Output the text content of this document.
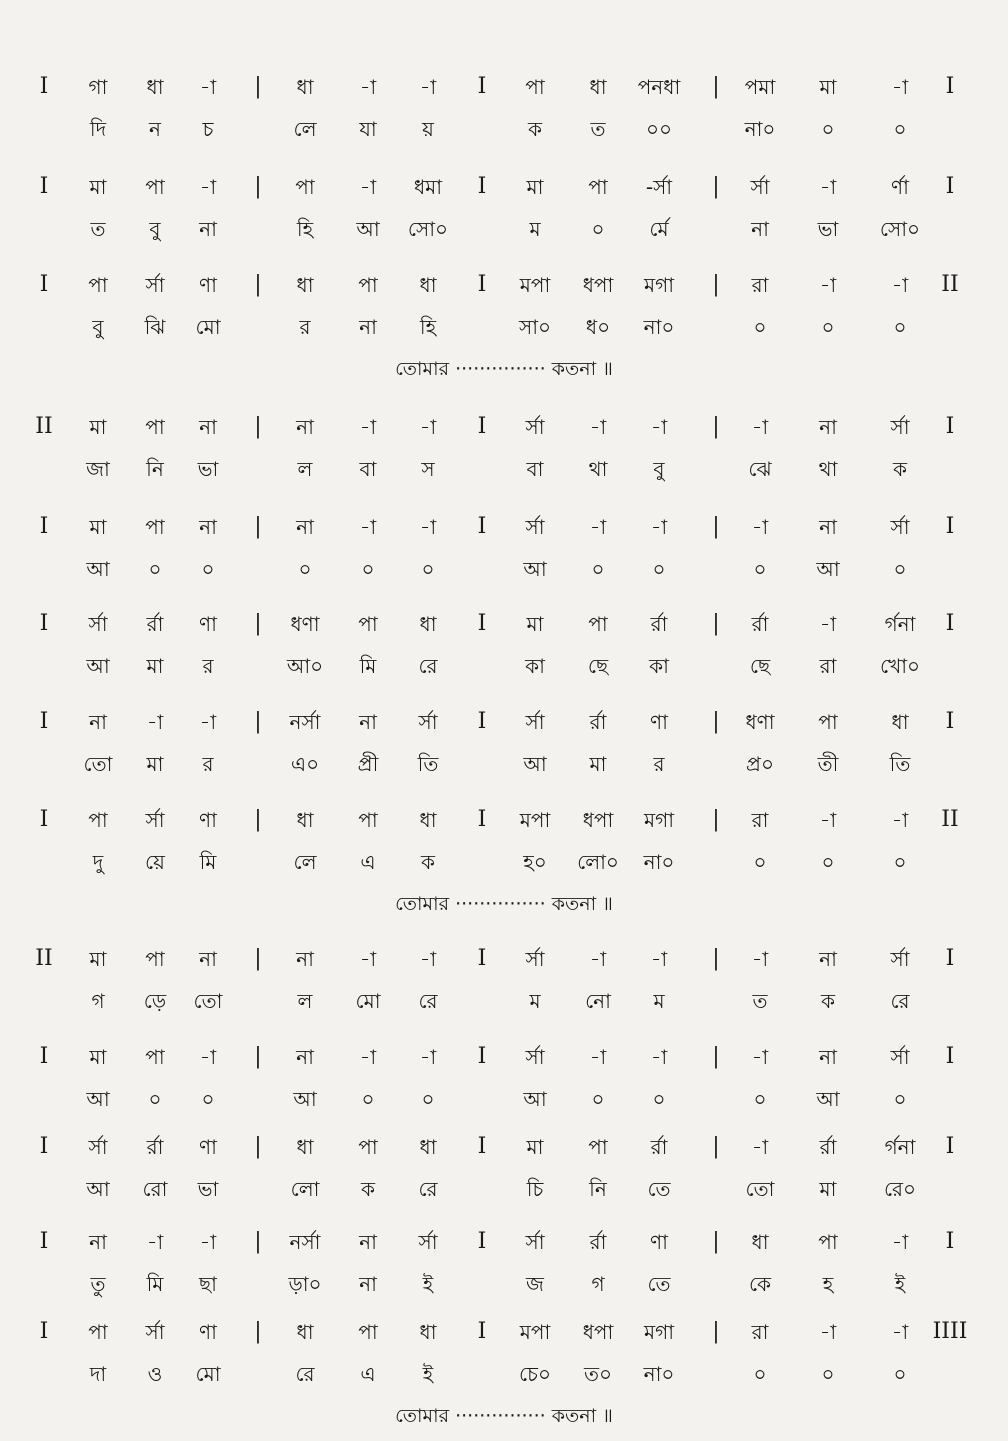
I গা ধা -া | ধা -া -া I পা ধা পনধা | পমা মা	-া I
দি ন চ	লে যা য়	ক ত ০০	না০ ০	০
I মা পা -া | পা -া ধমা I মা পা -র্সা | র্সা	-া	র্ণা I
ত বু না	হি আ সো০	ম	০ র্মে	না ভা সো০
I পা র্সা ণা | ধা পা ধা I মপা ধপা মগা | রা	-া	-া II
বু ঝি মো	র না হি	সা০ ধ০ না০	০	০	০
তোমার ··············· কতনা ॥
II মা পা না | না -া -া I র্সা -া -া | -া	না	র্সা I
জা নি ভা	ল বা স	বা থা বু	ঝে থা	ক
I মা পা না | না -া -া I র্সা -া -া | -া	না	র্সা I
আ ০ ০	০ ০ ০	আ ০ ০	০ আ	০
I র্সা র্রা ণা | ধণা পা ধা I মা পা র্রা | র্রা	-া র্গনা I
আ মা র	আ০ মি রে	কা ছে কা	ছে রা খো০
I না -া -া | নর্সা না র্সা I র্সা র্রা ণা | ধণা পা	ধা I
তো মা র	এ০ প্রী তি	আ মা র	প্র০ তী	তি
I পা র্সা ণা | ধা পা ধা I মপা ধপা মগা | রা	-া	-া II
দু য়ে মি	লে এ ক	হ০ লো০ না০	০	০	০
তোমার ··············· কতনা ॥
II মা পা না | না -া -া I র্সা -া -া | -া	না	র্সা I
গ ড়ে তো	ল মো রে	ম নো ম	ত	ক	রে
I মা পা -া | না -া -া I র্সা -া -া | -া	না	র্সা I
আ ০ ০	আ ০ ০	আ ০ ০	০ আ	০
I র্সা র্রা ণা | ধা পা ধা I মা পা র্রা | -া	র্রা র্গনা I
আ রো ভা	লো ক রে	চি নি তে	তো মা রে০
I না -া -া | নর্সা না র্সা I র্সা র্রা ণা | ধা পা	-া I
তু মি ছা	ড়া০ না ই	জ গ তে	কে	হ	ই
I পা র্সা ণা | ধা পা ধা I মপা ধপা মগা | রা	-া	-া IIII
দা ও মো	রে এ ই	চে০ ত০ না০	০	০	০
তোমার ··············· কতনা ॥
